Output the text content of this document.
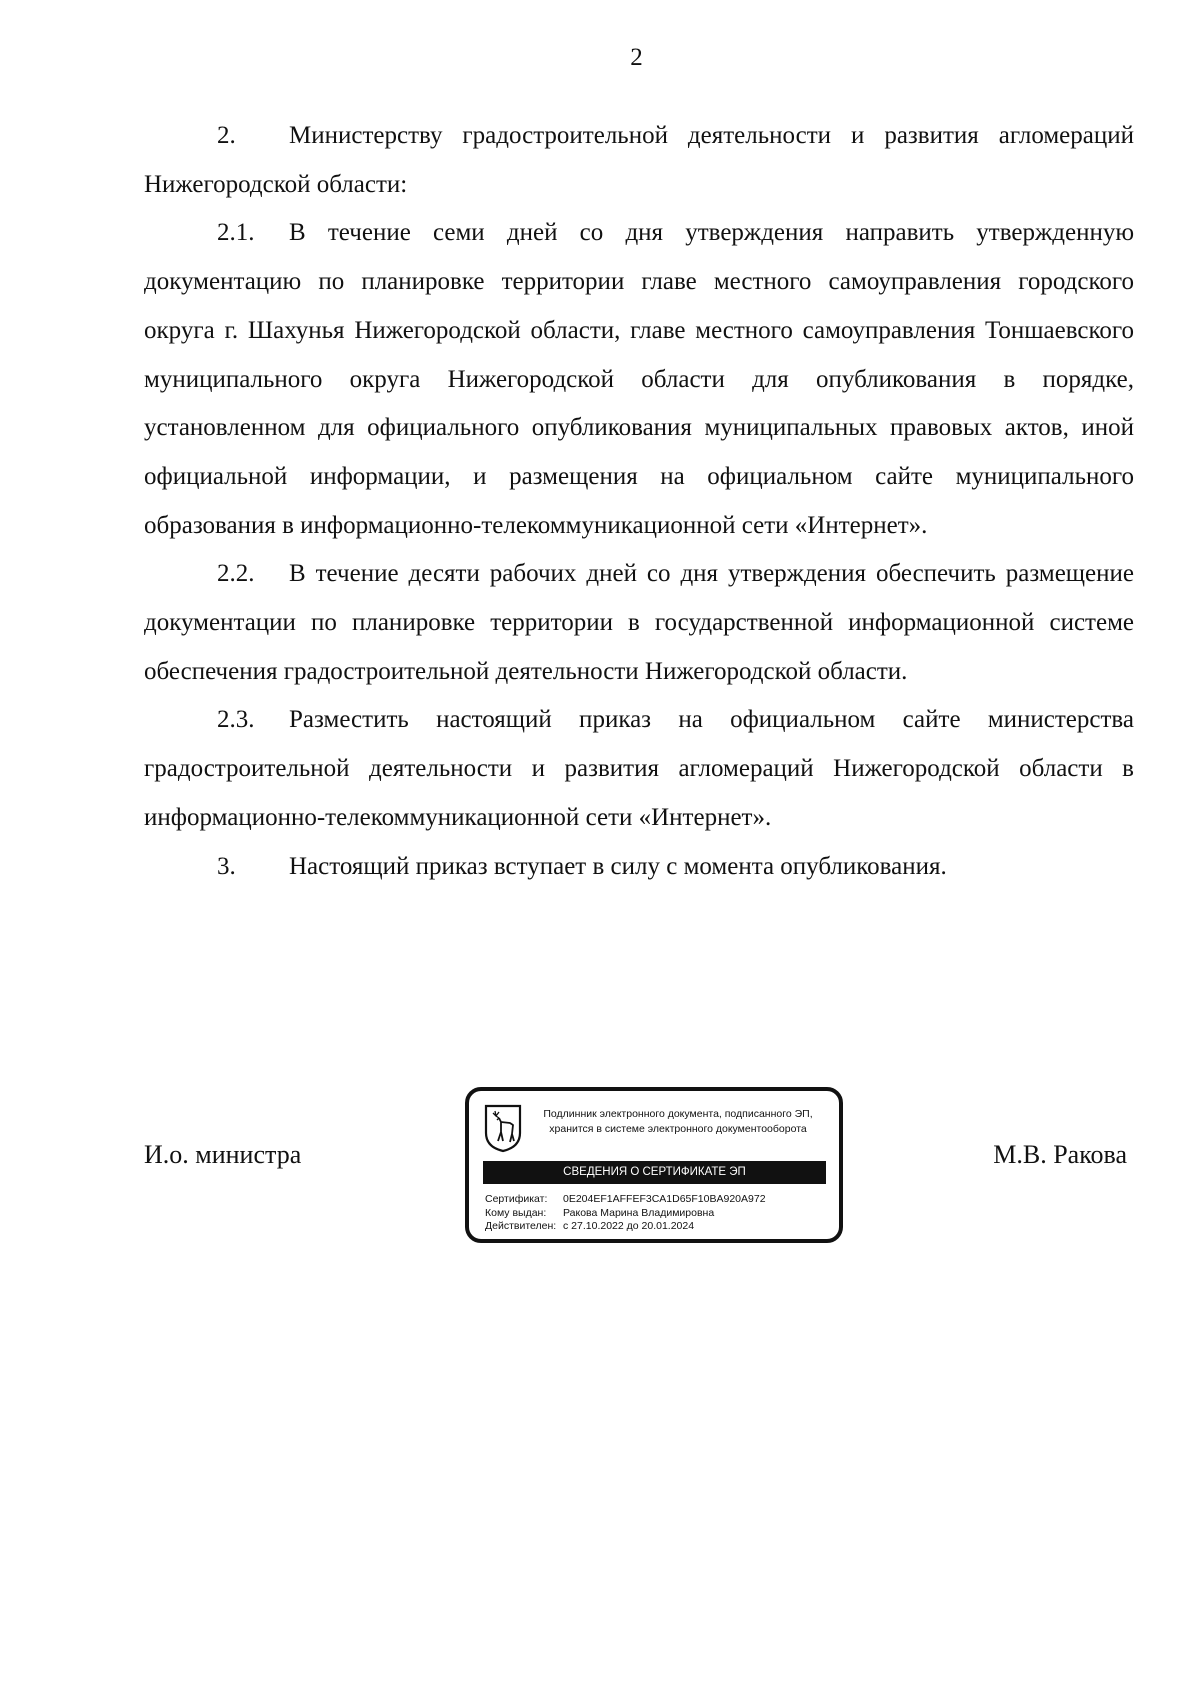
2

2. Министерству градостроительной деятельности и развития агломераций Нижегородской области:

2.1. В течение семи дней со дня утверждения направить утвержденную документацию по планировке территории главе местного самоуправления городского округа г. Шахунья Нижегородской области, главе местного самоуправления Тоншаевского муниципального округа Нижегородской области для опубликования в порядке, установленном для официального опубликования муниципальных правовых актов, иной официальной информации, и размещения на официальном сайте муниципального образования в информационно-телекоммуникационной сети «Интернет».

2.2. В течение десяти рабочих дней со дня утверждения обеспечить размещение документации по планировке территории в государственной информационной системе обеспечения градостроительной деятельности Нижегородской области.

2.3. Разместить настоящий приказ на официальном сайте министерства градостроительной деятельности и развития агломераций Нижегородской области в информационно-телекоммуникационной сети «Интернет».

3. Настоящий приказ вступает в силу с момента опубликования.

И.о. министра
Подлинник электронного документа, подписанного ЭП,
хранится в системе электронного документооборота
СВЕДЕНИЯ О СЕРТИФИКАТЕ ЭП
Сертификат: 0E204EF1AFFEF3CA1D65F10BA920A972
Кому выдан: Ракова Марина Владимировна
Действителен: с 27.10.2022 до 20.01.2024
М.В. Ракова
